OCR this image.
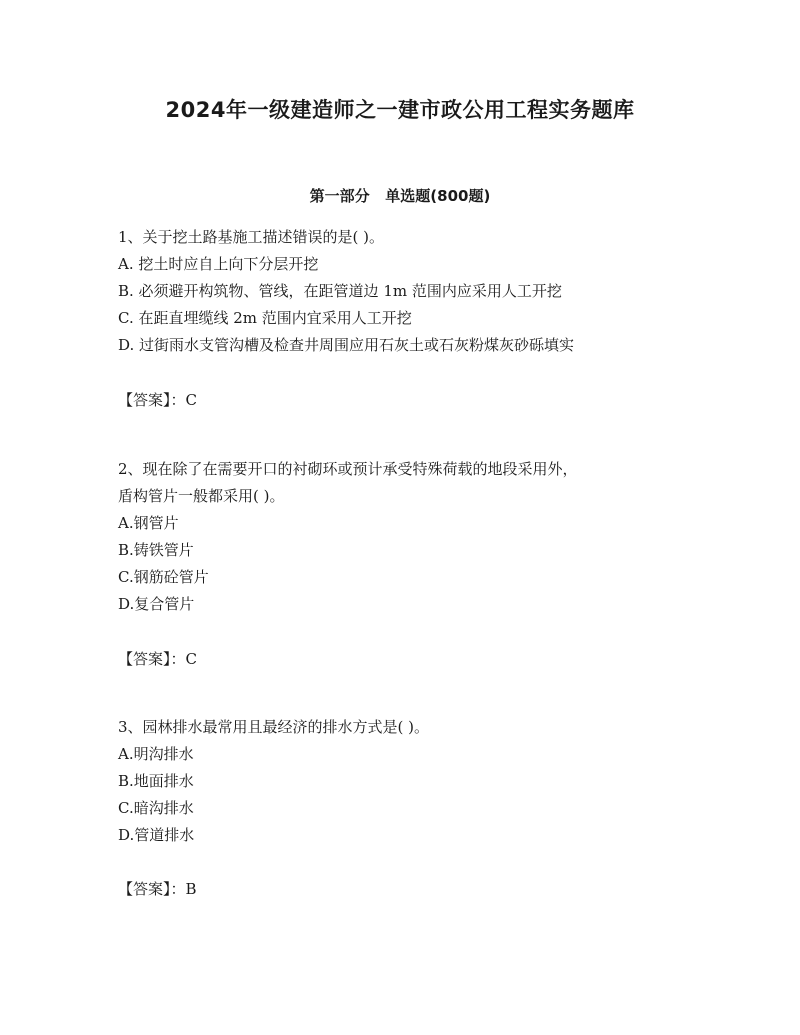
2024年一级建造师之一建市政公用工程实务题库
第一部分   单选题(800题)
1、关于挖土路基施工描述错误的是( )。
A. 挖土时应自上向下分层开挖
B. 必须避开构筑物、管线，在距管道边 1m 范围内应采用人工开挖
C. 在距直埋缆线 2m 范围内宜采用人工开挖
D. 过街雨水支管沟槽及检查井周围应用石灰土或石灰粉煤灰砂砾填实
【答案】：C
2、现在除了在需要开口的衬砌环或预计承受特殊荷载的地段采用外，
盾构管片一般都采用( )。
A.钢管片
B.铸铁管片
C.钢筋砼管片
D.复合管片
【答案】：C
3、园林排水最常用且最经济的排水方式是( )。
A.明沟排水
B.地面排水
C.暗沟排水
D.管道排水
【答案】：B
